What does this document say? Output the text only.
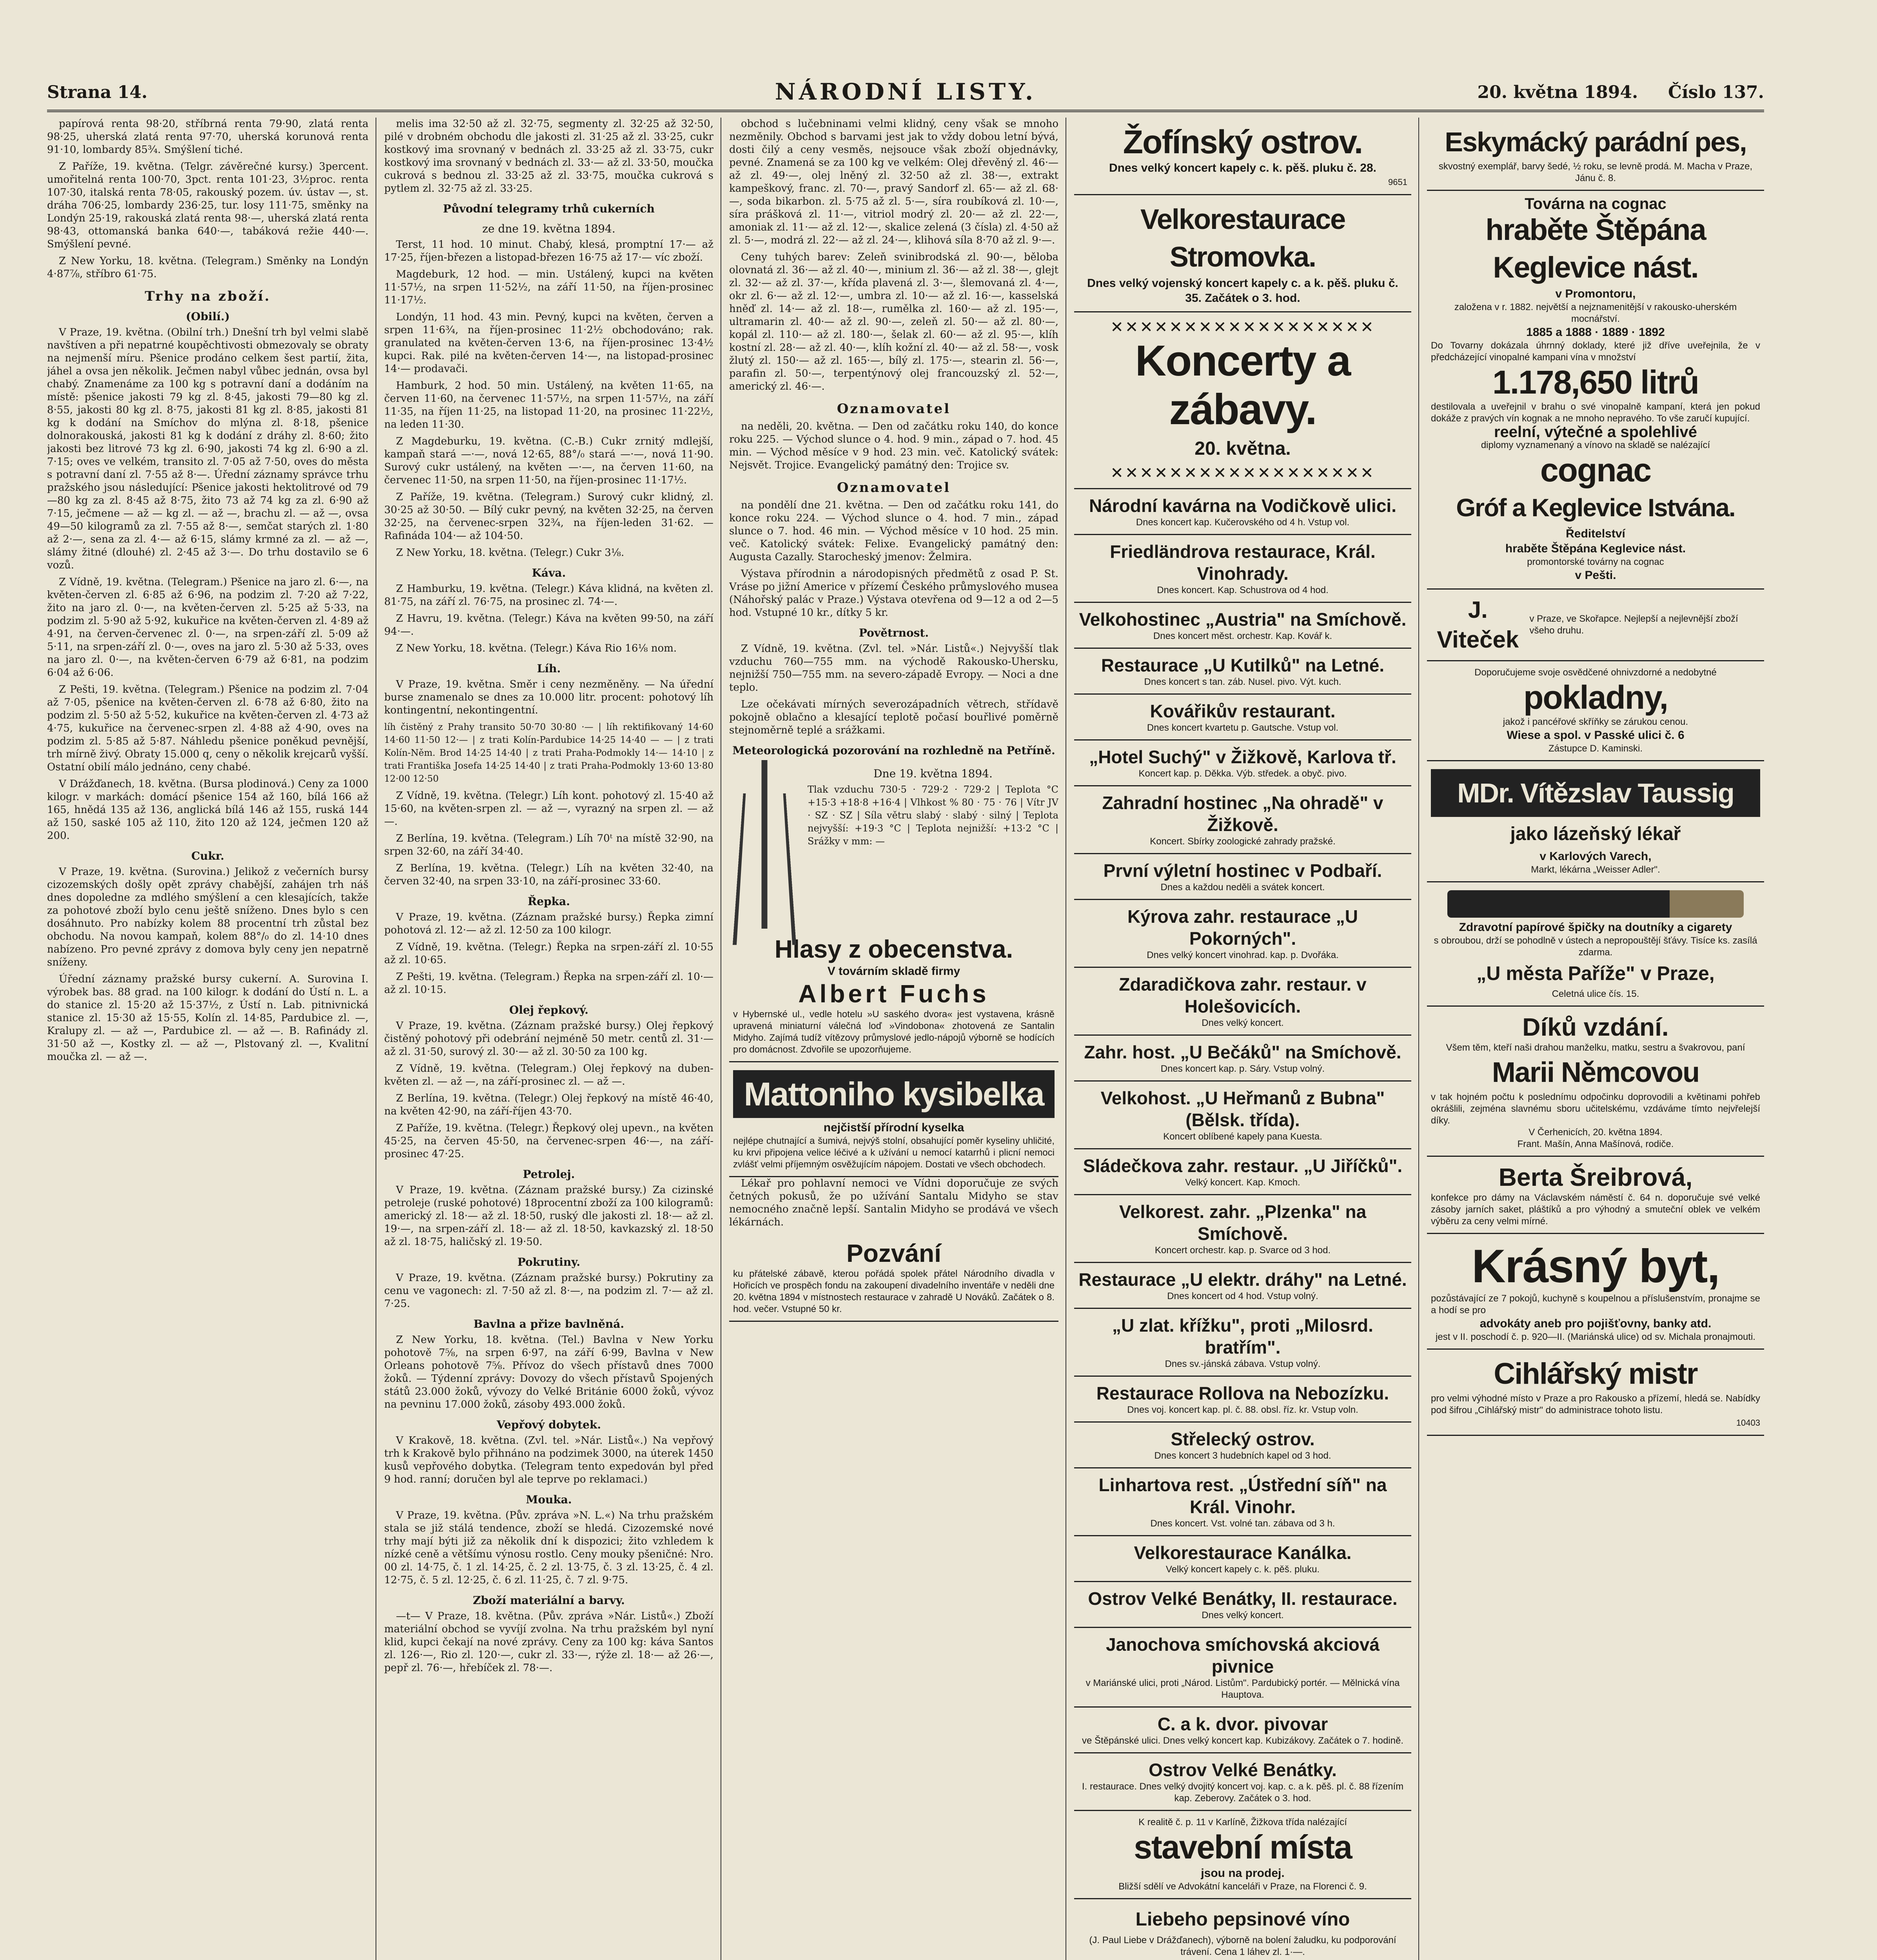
Strana 14.	NÁRODNÍ LISTY.	20. května 1894. Číslo 137.

papírová renta 98·20, stříbrná renta 79·90, zlatá renta 98·25, uherská zlatá renta 97·70, uherská korunová renta 91·10, lombardy 85¾. Smýšlení tiché.

Z Paříže, 19. května. (Telgr. závěrečné kursy.) 3percent. umořitelná renta 100·70, 3pct. renta 101·23, 3½proc. renta 107·30, italská renta 78·05, rakouský pozem. úv. ústav —, st. dráha 706·25, lombardy 236·25, tur. losy 111·75, směnky na Londýn 25·19, rakouská zlatá renta 98·—, uherská zlatá renta 98·43, ottomanská banka 640·—, tabáková režie 440·—. Smýšlení pevné.

Z New Yorku, 18. května. (Telegram.) Směnky na Londýn 4·87⅞, stříbro 61·75.

Trhy na zboží.
(Obilí.)

V Praze, 19. května. (Obilní trh.) Dnešní trh byl velmi slabě navštíven a při nepatrné koupěchtivosti obmezovaly se obraty na nejmenší míru. Pšenice prodáno celkem šest partií, žita, jáhel a ovsa jen několik. Ječmen nabyl vůbec jednán, ovsa byl chabý. Znamenáme za 100 kg s potravní daní a dodáním na místě: pšenice jakosti 79 kg zl. 8·45, jakosti 79—80 kg zl. 8·55, jakosti 80 kg zl. 8·75, jakosti 81 kg zl. 8·85, jakosti 81 kg k dodání na Smíchov do mlýna zl. 8·18, pšenice dolnorakouská, jakosti 81 kg k dodání z dráhy zl. 8·60; žito jakosti bez litrové 73 kg zl. 6·90, jakosti 74 kg zl. 6·90 a zl. 7·15; oves ve velkém, transito zl. 7·05 až 7·50, oves do města s potravní daní zl. 7·55 až 8·—. Úřední záznamy správce trhu pražského jsou následující: Pšenice jakosti hektolitrové od 79—80 kg za zl. 8·45 až 8·75, žito 73 až 74 kg za zl. 6·90 až 7·15, ječmene — až — kg zl. — až —, brachu zl. — až —, ovsa 49—50 kilogramů za zl. 7·55 až 8·—, semčat starých zl. 1·80 až 2·—, sena za zl. 4·— až 6·15, slámy krmné za zl. — až —, slámy žitné (dlouhé) zl. 2·45 až 3·—. Do trhu dostavilo se 6 vozů.

Z Vídně, 19. května. (Telegram.) Pšenice na jaro zl. 6·—, na květen-červen zl. 6·85 až 6·96, na podzim zl. 7·20 až 7·22, žito na jaro zl. 0·—, na květen-červen zl. 5·25 až 5·33, na podzim zl. 5·90 až 5·92, kukuřice na květen-červen zl. 4·89 až 4·91, na červen-červenec zl. 0·—, na srpen-září zl. 5·09 až 5·11, na srpen-září zl. 0·—, oves na jaro zl. 5·30 až 5·33, oves na jaro zl. 0·—, na květen-červen 6·79 až 6·81, na podzim 6·04 až 6·06.

Z Pešti, 19. května. (Telegram.) Pšenice na podzim zl. 7·04 až 7·05, pšenice na květen-červen zl. 6·78 až 6·80, žito na podzim zl. 5·50 až 5·52, kukuřice na květen-červen zl. 4·73 až 4·75, kukuřice na červenec-srpen zl. 4·88 až 4·90, oves na podzim zl. 5·85 až 5·87. Náhledu pšenice poněkud pevnější, trh mírně živý. Obraty 15.000 q, ceny o několik krejcarů vyšší. Ostatní obilí málo jednáno, ceny chabé.

V Drážďanech, 18. května. (Bursa plodinová.) Ceny za 1000 kilogr. v markách: domácí pšenice 154 až 160, bílá 166 až 165, hnědá 135 až 136, anglická bílá 146 až 155, ruská 144 až 150, saské 105 až 110, žito 120 až 124, ječmen 120 až 200.

Cukr.

V Praze, 19. května. (Surovina.) Jelikož z večerních bursy cizozemských došly opět zprávy chabější, zahájen trh náš dnes dopoledne za mdlého smýšlení a cen klesajících, takže za pohotové zboží bylo cenu ještě sníženo. Dnes bylo s cen dosáhnuto. Pro nabízky kolem 88 procentní trh zůstal bez obchodu. Na novou kampaň, kolem 88°/₀ do zl. 14·10 dnes nabízeno. Pro pevné zprávy z domova byly ceny jen nepatrně sníženy.

Úřední záznamy pražské bursy cukerní. A. Surovina I. výrobek bas. 88 grad. na 100 kilogr. k dodání do Ústí n. L. a do stanice zl. 15·20 až 15·37½, z Ústí n. Lab. pitnivnická stanice zl. 15·30 až 15·55, Kolín zl. 14·85, Pardubice zl. —, Kralupy zl. — až —, Pardubice zl. — až —. B. Rafinády zl. 31·50 až —, Kostky zl. — až —, Plstovaný zl. —, Kvalitní moučka zl. — až —.

melis ima 32·50 až zl. 32·75, segmenty zl. 32·25 až 32·50, pilé v drobném obchodu dle jakosti zl. 31·25 až zl. 33·25, cukr kostkový ima srovnaný v bednách zl. 33·25 až zl. 33·75, cukr kostkový ima srovnaný v bednách zl. 33·— až zl. 33·50, moučka cukrová s bednou zl. 33·25 až zl. 33·75, moučka cukrová s pytlem zl. 32·75 až zl. 33·25.

Původní telegramy trhů cukerních
ze dne 19. května 1894.

Terst, 11 hod. 10 minut. Chabý, klesá, promptní 17·— až 17·25, říjen-březen a listopad-březen 16·75 až 17·— víc zboží.

Magdeburk, 12 hod. — min. Ustálený, kupci na květen 11·57½, na srpen 11·52½, na září 11·50, na říjen-prosinec 11·17½.

Londýn, 11 hod. 43 min. Pevný, kupci na květen, červen a srpen 11·6¾, na říjen-prosinec 11·2½ obchodováno; rak. granulated na květen-červen 13·6, na říjen-prosinec 13·4½ kupci. Rak. pilé na květen-červen 14·—, na listopad-prosinec 14·— prodavači.

Hamburk, 2 hod. 50 min. Ustálený, na květen 11·65, na červen 11·60, na červenec 11·57½, na srpen 11·57½, na září 11·35, na říjen 11·25, na listopad 11·20, na prosinec 11·22½, na leden 11·30.

Z Magdeburku, 19. května. (C.-B.) Cukr zrnitý mdlejší, kampaň stará —·—, nová 12·65, 88°/₀ stará —·—, nová 11·90. Surový cukr ustálený, na květen —·—, na červen 11·60, na červenec 11·50, na srpen 11·50, na říjen-prosinec 11·17½.

Z Paříže, 19. května. (Telegram.) Surový cukr klidný, zl. 30·25 až 30·50. — Bílý cukr pevný, na květen 32·25, na červen 32·25, na červenec-srpen 32¾, na říjen-leden 31·62. — Rafináda 104·— až 104·50.

Z New Yorku, 18. května. (Telegr.) Cukr 3⅛.

Káva.

Z Hamburku, 19. května. (Telegr.) Káva klidná, na květen zl. 81·75, na září zl. 76·75, na prosinec zl. 74·—.

Z Havru, 19. května. (Telegr.) Káva na květen 99·50, na září 94·—.

Z New Yorku, 18. května. (Telegr.) Káva Rio 16⅛ nom.

Líh.

V Praze, 19. května. Směr i ceny nezměněny. — Na úřední burse znamenalo se dnes za 10.000 litr. procent: pohotový líh kontingentní, nekontingentní.

líh čistěný z Prahy transito 50·70 30·80 ·— | líh rektifikovaný 14·60 14·60 11·50 12·— | z trati Kolín-Pardubice 14·25 14·40 — — | z trati Kolín-Něm. Brod 14·25 14·40 | z trati Praha-Podmokly 14·— 14·10 | z trati Františka Josefa 14·25 14·40 | z trati Praha-Podmokly 13·60 13·80 12·00 12·50

Z Vídně, 19. května. (Telegr.) Líh kont. pohotový zl. 15·40 až 15·60, na květen-srpen zl. — až —, vyrazný na srpen zl. — až —.

Z Berlína, 19. května. (Telegram.) Líh 70ᵗ na místě 32·90, na srpen 32·60, na září 34·40.

Z Berlína, 19. května. (Telegr.) Líh na květen 32·40, na červen 32·40, na srpen 33·10, na září-prosinec 33·60.

Řepka.

V Praze, 19. května. (Záznam pražské bursy.) Řepka zimní pohotová zl. 12·— až zl. 12·50 za 100 kilogr.

Z Vídně, 19. května. (Telegr.) Řepka na srpen-září zl. 10·55 až zl. 10·65.

Z Pešti, 19. května. (Telegram.) Řepka na srpen-září zl. 10·— až zl. 10·15.

Olej řepkový.

V Praze, 19. května. (Záznam pražské bursy.) Olej řepkový čistěný pohotový při odebrání nejméně 50 metr. centů zl. 31·— až zl. 31·50, surový zl. 30·— až zl. 30·50 za 100 kg.

Z Vídně, 19. května. (Telegram.) Olej řepkový na duben-květen zl. — až —, na září-prosinec zl. — až —.

Z Berlína, 19. května. (Telegr.) Olej řepkový na místě 46·40, na květen 42·90, na září-říjen 43·70.

Z Paříže, 19. května. (Telegr.) Řepkový olej upevn., na květen 45·25, na červen 45·50, na červenec-srpen 46·—, na září-prosinec 47·25.

Petrolej.

V Praze, 19. května. (Záznam pražské bursy.) Za cizinské petroleje (ruské pohotové) 18procentní zboží za 100 kilogramů: americký zl. 18·— až zl. 18·50, ruský dle jakosti zl. 18·— až zl. 19·—, na srpen-září zl. 18·— až zl. 18·50, kavkazský zl. 18·50 až zl. 18·75, haličský zl. 19·50.

Pokrutiny.

V Praze, 19. května. (Záznam pražské bursy.) Pokrutiny za cenu ve vagonech: zl. 7·50 až zl. 8·—, na podzim zl. 7·— až zl. 7·25.

Bavlna a přize bavlněná.

Z New Yorku, 18. května. (Tel.) Bavlna v New Yorku pohotově 7⅝, na srpen 6·97, na září 6·99, Bavlna v New Orleans pohotově 7⅝. Přívoz do všech přístavů dnes 7000 žoků. — Týdenní zprávy: Dovozy do všech přístavů Spojených států 23.000 žoků, vývozy do Velké Británie 6000 žoků, vývoz na pevninu 17.000 žoků, zásoby 493.000 žoků.

Vepřový dobytek.

V Krakově, 18. května. (Zvl. tel. »Nár. Listů«.) Na vepřový trh k Krakově bylo přihnáno na podzimek 3000, na úterek 1450 kusů vepřového dobytka. (Telegram tento expedován byl před 9 hod. ranní; doručen byl ale teprve po reklamaci.)

Mouka.

V Praze, 19. května. (Pův. zpráva »N. L.«) Na trhu pražském stala se již stálá tendence, zboží se hledá. Cizozemské nové trhy mají býti již za několik dní k dispozici; žito vzhledem k nízké ceně a většímu výnosu rostlo. Ceny mouky pšeničné: Nro. 00 zl. 14·75, č. 1 zl. 14·25, č. 2 zl. 13·75, č. 3 zl. 13·25, č. 4 zl. 12·75, č. 5 zl. 12·25, č. 6 zl. 11·25, č. 7 zl. 9·75.

Zboží materiální a barvy.

—t— V Praze, 18. května. (Pův. zpráva »Nár. Listů«.) Zboží materiální obchod se vyvíjí zvolna. Na trhu pražském byl nyní klid, kupci čekají na nové zprávy. Ceny za 100 kg: káva Santos zl. 126·—, Rio zl. 120·—, cukr zl. 33·—, rýže zl. 18·— až 26·—, pepř zl. 76·—, hřebíček zl. 78·—.

obchod s lučebninami velmi klidný, ceny však se mnoho nezměnily. Obchod s barvami jest jak to vždy dobou letní bývá, dosti čilý a ceny vesměs, nejsouce však zboží objednávky, pevné. Znamená se za 100 kg ve velkém: Olej dřevěný zl. 46·— až zl. 49·—, olej lněný zl. 32·50 až zl. 38·—, extrakt kampeškový, franc. zl. 70·—, pravý Sandorf zl. 65·— až zl. 68·—, soda bikarbon. zl. 5·75 až zl. 5·—, síra roubíková zl. 10·—, síra prášková zl. 11·—, vitriol modrý zl. 20·— až zl. 22·—, amoniak zl. 11·— až zl. 12·—, skalice zelená (3 čísla) zl. 4·50 až zl. 5·—, modrá zl. 22·— až zl. 24·—, klihová síla 8·70 až zl. 9·—.

Ceny tuhých barev: Zeleň svinibrodská zl. 90·—, běloba olovnatá zl. 36·— až zl. 40·—, minium zl. 36·— až zl. 38·—, glejt zl. 32·— až zl. 37·—, křída plavená zl. 3·—, šlemovaná zl. 4·—, okr zl. 6·— až zl. 12·—, umbra zl. 10·— až zl. 16·—, kasselská hněď zl. 14·— až zl. 18·—, rumělka zl. 160·— až zl. 195·—, ultramarin zl. 40·— až zl. 90·—, zeleň zl. 50·— až zl. 80·—, kopál zl. 110·— až zl. 180·—, šelak zl. 60·— až zl. 95·—, klíh kostní zl. 28·— až zl. 40·—, klíh kožní zl. 40·— až zl. 58·—, vosk žlutý zl. 150·— až zl. 165·—, bílý zl. 175·—, stearin zl. 56·—, parafin zl. 50·—, terpentýnový olej francouzský zl. 52·—, americký zl. 46·—.

Oznamovatel

na neděli, 20. května. — Den od začátku roku 140, do konce roku 225. — Východ slunce o 4. hod. 9 min., západ o 7. hod. 45 min. — Východ měsíce v 9 hod. 23 min. več. Katolický svátek: Nejsvět. Trojice. Evangelický památný den: Trojice sv.

Oznamovatel

na pondělí dne 21. května. — Den od začátku roku 141, do konce roku 224. — Východ slunce o 4. hod. 7 min., západ slunce o 7. hod. 46 min. — Východ měsíce v 10 hod. 25 min. več. Katolický svátek: Felixe. Evangelický památný den: Augusta Cazally. Starocheský jmenov: Želmira.

Výstava přírodnin a národopisných předmětů z osad P. St. Vráse po jižní Americe v přízemí Českého průmyslového musea (Náhořský palác v Praze.) Výstava otevřena od 9—12 a od 2—5 hod. Vstupné 10 kr., dítky 5 kr.

Povětrnost.

Z Vídně, 19. května. (Zvl. tel. »Nár. Listů«.) Nejvyšší tlak vzduchu 760—755 mm. na východě Rakousko-Uhersku, nejnižší 750—755 mm. na severo-západě Evropy. — Noci a dne teplo.

Lze očekávati mírných severozápadních větrech, střídavě pokojně oblačno a klesající teplotě počasí bouřlivé poměrně stejnoměrně teplé a srážkami.

Meteorologická pozorování na rozhledně na Petříně.
Dne 19. května 1894.

Tlak vzduchu 730·5 · 729·2 · 729·2 | Teplota °C +15·3 +18·8 +16·4 | Vlhkost % 80 · 75 · 76 | Vítr JV · SZ · SZ | Síla větru slabý · slabý · silný | Teplota nejvyšší: +19·3 °C | Teplota nejnižší: +13·2 °C | Srážky v mm: —

Hlasy z obecenstva.
V továrním skladě firmy
Albert Fuchs
v Hybernské ul., vedle hotelu »U saského dvora« jest vystavena, krásně upravená miniaturní válečná loď »Vindobona« zhotovená ze Santalin Midyho. Zajímá tudíž vítězovy průmyslové jedlo-nápojů výborně se hodících pro domácnost. Zdvořile se upozorňujeme.
Mattoniho kysibelka
nejčistší přírodní kyselka
nejlépe chutnající a šumivá, nejvýš stolní, obsahující poměr kyseliny uhličité, ku krvi připojena velice léčivé a k užívání u nemocí katarrhů i plicní nemoci zvlášť velmi příjemným osvěžujícím nápojem. Dostati ve všech obchodech.

Lékař pro pohlavní nemoci ve Vídni doporučuje ze svých četných pokusů, že po užívání Santalu Midyho se stav nemocného značně lepší. Santalin Midyho se prodává ve všech lékárnách.

Pozvání
ku přátelské zábavě, kterou pořádá spolek přátel Národního divadla v Hořicích ve prospěch fondu na zakoupení divadelního inventáře v neděli dne 20. května 1894 v místnostech restaurace v zahradě U Nováků. Začátek o 8. hod. večer. Vstupné 50 kr.
Žofínský ostrov.
Dnes velký koncert kapely c. k. pěš. pluku č. 28.
9651
Velkorestaurace Stromovka.
Dnes velký vojenský koncert kapely c. a k. pěš. pluku č. 35. Začátek o 3. hod.
✕✕✕✕✕✕✕✕✕✕✕✕✕✕✕✕✕✕
Koncerty a zábavy.
20. května.
✕✕✕✕✕✕✕✕✕✕✕✕✕✕✕✕✕✕
Národní kavárna na Vodičkově ulici.
Dnes koncert kap. Kučerovského od 4 h. Vstup vol.
Friedländrova restaurace, Král. Vinohrady.
Dnes koncert. Kap. Schustrova od 4 hod.
Velkohostinec „Austria" na Smíchově.
Dnes koncert měst. orchestr. Kap. Kovář k.
Restaurace „U Kutilků" na Letné.
Dnes koncert s tan. záb. Nusel. pivo. Výt. kuch.
Kovářikův restaurant.
Dnes koncert kvartetu p. Gautsche. Vstup vol.
„Hotel Suchý" v Žižkově, Karlova tř.
Koncert kap. p. Děkka. Výb. středek. a obyč. pivo.
Zahradní hostinec „Na ohradě" v Žižkově.
Koncert. Sbírky zoologické zahrady pražské.
První výletní hostinec v Podbaří.
Dnes a každou neděli a svátek koncert.
Kýrova zahr. restaurace „U Pokorných".
Dnes velký koncert vinohrad. kap. p. Dvořáka.
Zdaradičkova zahr. restaur. v Holešovicích.
Dnes velký koncert.
Zahr. host. „U Bečáků" na Smíchově.
Dnes koncert kap. p. Sáry. Vstup volný.
Velkohost. „U Heřmanů z Bubna" (Bělsk. třída).
Koncert oblíbené kapely pana Kuesta.
Sládečkova zahr. restaur. „U Jiříčků".
Velký koncert. Kap. Kmoch.
Velkorest. zahr. „Plzenka" na Smíchově.
Koncert orchestr. kap. p. Svarce od 3 hod.
Restaurace „U elektr. dráhy" na Letné.
Dnes koncert od 4 hod. Vstup volný.
„U zlat. křížku", proti „Milosrd. bratřím".
Dnes sv.-jánská zábava. Vstup volný.
Restaurace Rollova na Nebozízku.
Dnes voj. koncert kap. pl. č. 88. obsl. říz. kr. Vstup voln.
Střelecký ostrov.
Dnes koncert 3 hudebních kapel od 3 hod.
Linhartova rest. „Ústřední síň" na Král. Vinohr.
Dnes koncert. Vst. volné tan. zábava od 3 h.
Velkorestaurace Kanálka.
Velký koncert kapely c. k. pěš. pluku.
Ostrov Velké Benátky, II. restaurace.
Dnes velký koncert.
Janochova smíchovská akciová pivnice
v Mariánské ulici, proti „Národ. Listům". Pardubický portér. — Mělnická vína Hauptova.
C. a k. dvor. pivovar
ve Štěpánské ulici. Dnes velký koncert kap. Kubizákovy. Začátek o 7. hodině.
Ostrov Velké Benátky.
I. restaurace. Dnes velký dvojitý koncert voj. kap. c. a k. pěš. pl. č. 88 řízením kap. Zeberovy. Začátek o 3. hod.
K realitě č. p. 11 v Karlíně, Žižkova třída nalézající
stavební místa
jsou na prodej.
Bližší sdělí ve Advokátní kanceláři v Praze, na Florenci č. 9.
Liebeho pepsinové víno
(J. Paul Liebe v Drážďanech), výborně na bolení žaludku, ku podporování trávení. Cena 1 láhev zl. 1·—.
Eskymácký parádní pes,
skvostný exemplář, barvy šedé, ½ roku, se levně prodá. M. Macha v Praze, Jánu č. 8.
Továrna na cognac
hraběte Štěpána Keglevice nást.
v Promontoru,
založena v r. 1882. největší a nejznamenitější v rakousko-uherském mocnářství.
1885 a 1888 · 1889 · 1892
Do Tovarny dokázala úhrnný doklady, které již dříve uveřejnila, že v předcházející vinopalné kampani vína v množství
1.178,650 litrů
destilovala a uveřejnil v brahu o své vinopalně kampaní, která jen pokud dokáže z pravých vín kognak a ne mnoho nepravého. To vše zaručí kupující.
reelní, výtečné a spolehlivé
diplomy vyznamenaný a vínovo na skladě se nalézající
cognac
Gróf a Keglevice Istvána.
Ředitelství
hraběte Štěpána Keglevice nást.
promontorské továrny na cognac
v Pešti.
J. Viteček
v Praze, ve Skořapce. Nejlepší a nejlevnější zboží všeho druhu.
Doporučujeme svoje osvědčené ohnivzdorné a nedobytné
pokladny,
jakož i pancéřové skříňky se zárukou cenou.
Wiese a spol. v Passké ulici č. 6
Zástupce D. Kaminski.
MDr. Vítězslav Taussig
jako lázeňský lékař
v Karlových Varech,
Markt, lékárna „Weisser Adler".
Zdravotní papírové špičky na doutníky a cigarety
s obroubou, drží se pohodlně v ústech a nepropouštějí šťávy. Tisíce ks. zasílá zdarma.
„U města Paříže" v Praze,
Celetná ulice čís. 15.
Díků vzdání.
Všem těm, kteří naši drahou manželku, matku, sestru a švakrovou, paní
Marii Němcovou
v tak hojném počtu k poslednímu odpočinku doprovodili a květinami pohřeb okrášlili, zejména slavnému sboru učitelskému, vzdáváme tímto nejvřelejší díky.
V Čerhenicích, 20. května 1894.
Frant. Mašín, Anna Mašínová, rodiče.
Berta Šreibrová,
konfekce pro dámy na Václavském náměstí č. 64 n. doporučuje své velké zásoby jarních saket, pláštíků a pro výhodný a smuteční oblek ve velkém výběru za ceny velmi mírné.
Krásný byt,
pozůstávající ze 7 pokojů, kuchyně s koupelnou a příslušenstvím, pronajme se a hodí se pro
advokáty aneb pro pojišťovny, banky atd.
jest v II. poschodí č. p. 920—II. (Mariánská ulice) od sv. Michala pronajmouti.
Cihlářský mistr
pro velmi výhodné místo v Praze a pro Rakousko a přízemí, hledá se. Nabídky pod šifrou „Cihlářský mistr" do administrace tohoto listu.
10403
